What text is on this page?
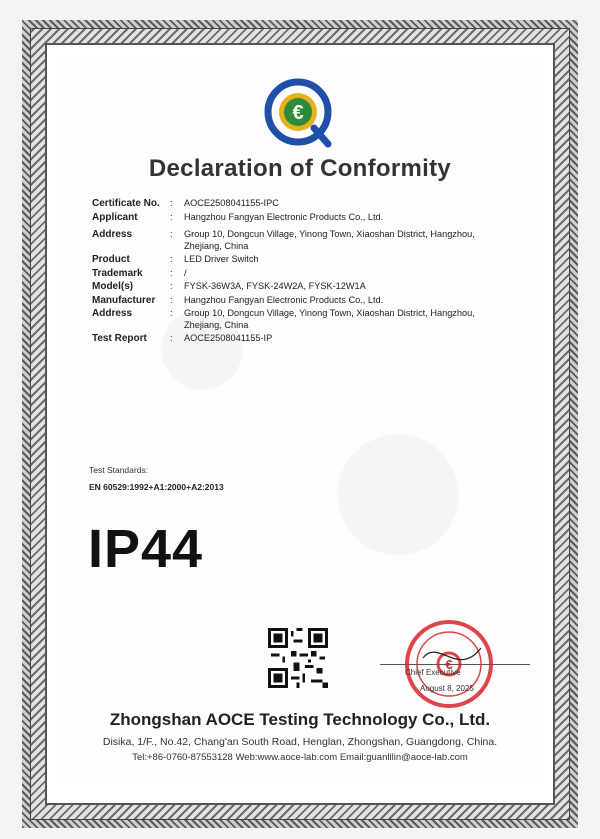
€
Declaration of Conformity
Certificate No.	:	AOCE2508041155-IPC
Applicant	:	Hangzhou Fangyan Electronic Products Co., Ltd.
Address	:	Group 10, Dongcun Village, Yinong Town, Xiaoshan District, Hangzhou,
Zhejiang, China
Product	:	LED Driver Switch
Trademark	:	/
Model(s)	:	FYSK-36W3A, FYSK-24W2A, FYSK-12W1A
Manufacturer	:	Hangzhou Fangyan Electronic Products Co., Ltd.
Address	:	Group 10, Dongcun Village, Yinong Town, Xiaoshan District, Hangzhou,
Zhejiang, China
Test Report	:	AOCE2508041155-IP
Test Standards:
EN 60529:1992+A1:2000+A2:2013
IP44
€
Chief Executive
August 8, 2025
Zhongshan AOCE Testing Technology Co., Ltd.
Disika, 1/F., No.42, Chang'an South Road, Henglan, Zhongshan, Guangdong, China.
Tel:+86-0760-87553128 Web:www.aoce-lab.com Email:guanlilin@aoce-lab.com
